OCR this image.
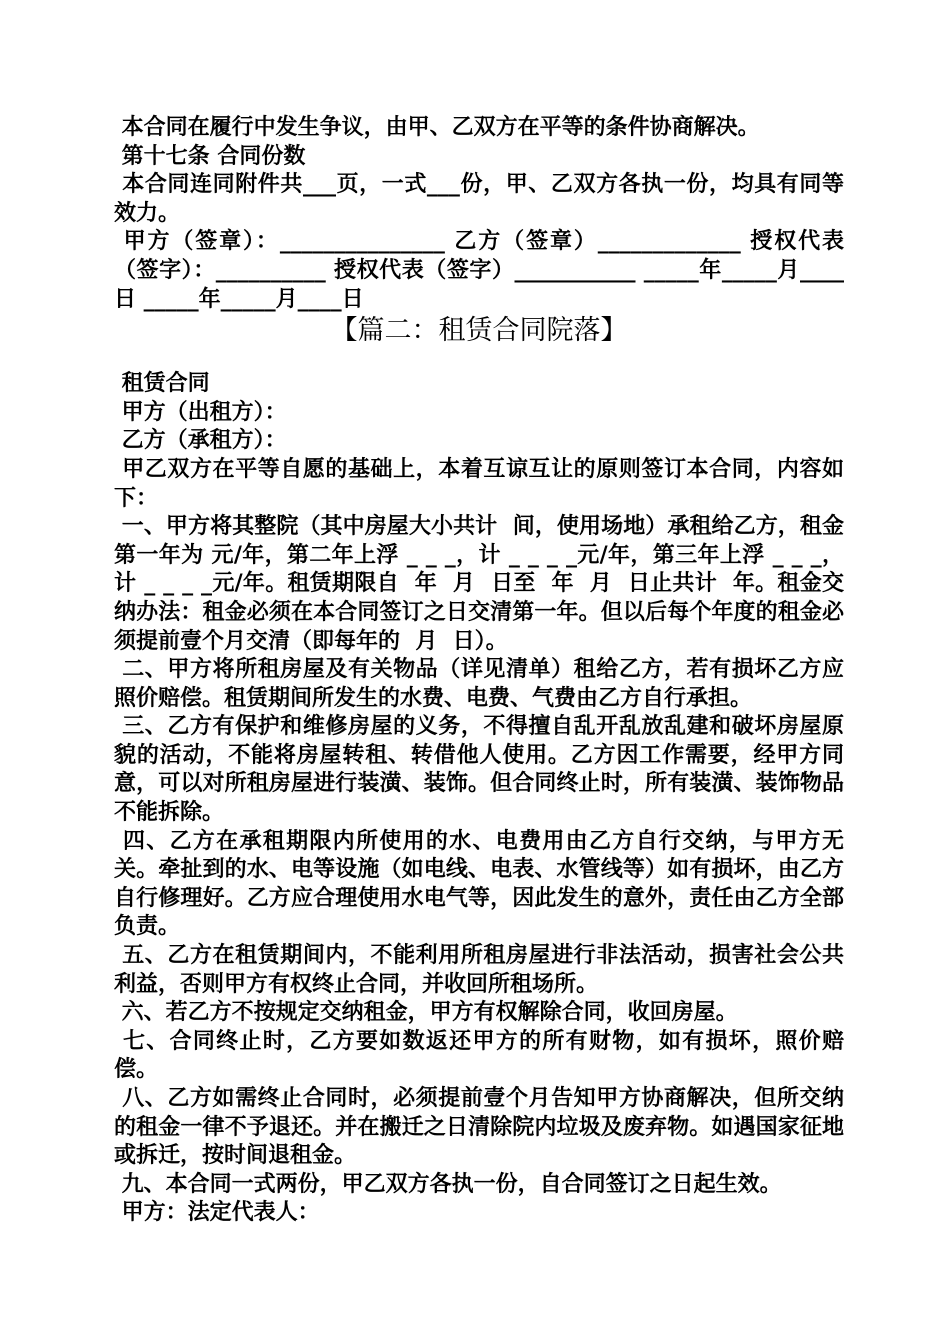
本合同在履行中发生争议，由甲、乙双方在平等的条件协商解决。

第十七条 合同份数

本合同连同附件共___页，一式___份，甲、乙双方各执一份，均具有同等 效力。

甲方（签章）：_______________ 乙方（签章）_____________ 授权代表（签字）：__________ 授权代表（签字）___________ _____年_____月____日 _____年_____月____日

【篇二：租赁合同院落】

租赁合同

甲方（出租方）：

乙方（承租方）：

甲乙双方在平等自愿的基础上，本着互谅互让的原则签订本合同，内容如下：

一、甲方将其整院（其中房屋大小共计  间，使用场地）承租给乙方，租金第一年为 元/年，第二年上浮 _ _ _，计 _ _ _ _元/年，第三年上浮 _ _ _，计 _ _ _ _元/年。租赁期限自  年  月  日至  年  月  日止共计  年。租金交纳办法：租金必须在本合同签订之日交清第一年。但以后每个年度的租金必须提前壹个月交清（即每年的  月  日）。

二、甲方将所租房屋及有关物品（详见清单）租给乙方，若有损坏乙方应照价赔偿。租赁期间所发生的水费、电费、气费由乙方自行承担。

三、乙方有保护和维修房屋的义务，不得擅自乱开乱放乱建和破坏房屋原貌的活动，不能将房屋转租、转借他人使用。乙方因工作需要，经甲方同意，可以对所租房屋进行装潢、装饰。但合同终止时，所有装潢、装饰物品不能拆除。

四、乙方在承租期限内所使用的水、电费用由乙方自行交纳，与甲方无关。牵扯到的水、电等设施（如电线、电表、水管线等）如有损坏，由乙方自行修理好。乙方应合理使用水电气等，因此发生的意外，责任由乙方全部负责。

五、乙方在租赁期间内，不能利用所租房屋进行非法活动，损害社会公共利益，否则甲方有权终止合同，并收回所租场所。

六、若乙方不按规定交纳租金，甲方有权解除合同，收回房屋。

七、合同终止时，乙方要如数返还甲方的所有财物，如有损坏，照价赔偿。

八、乙方如需终止合同时，必须提前壹个月告知甲方协商解决，但所交纳的租金一律不予退还。并在搬迁之日清除院内垃圾及废弃物。如遇国家征地或拆迁，按时间退租金。

九、本合同一式两份，甲乙双方各执一份，自合同签订之日起生效。

甲方：法定代表人：
